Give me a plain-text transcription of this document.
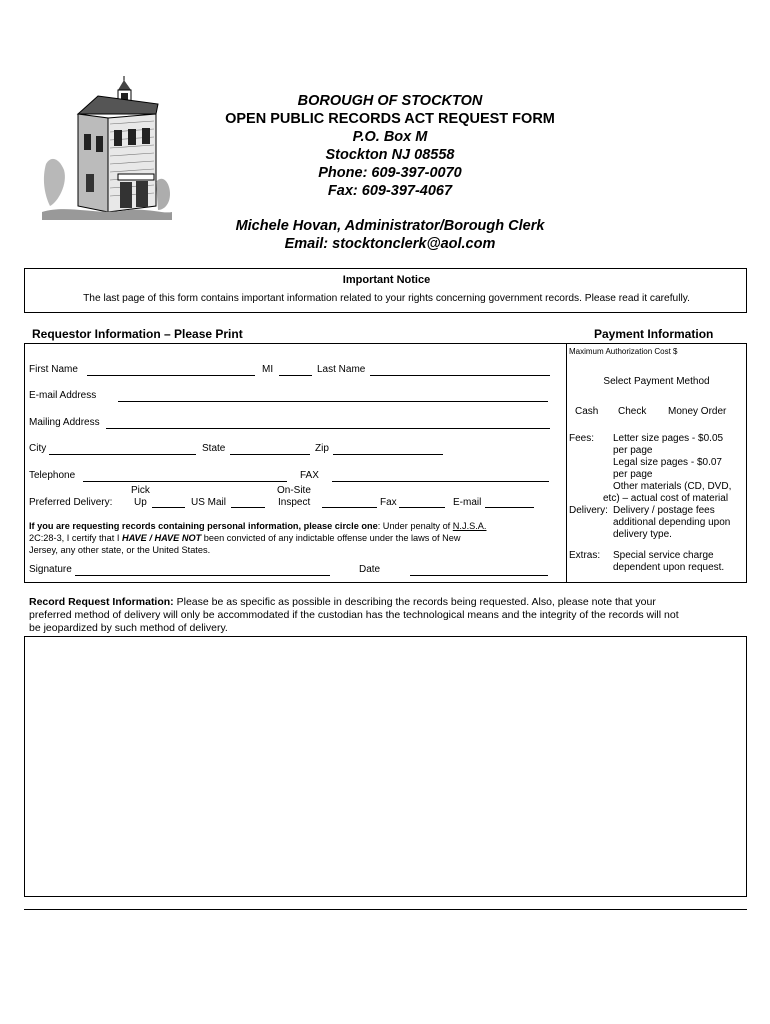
BOROUGH OF STOCKTON
OPEN PUBLIC RECORDS ACT REQUEST FORM
P.O. Box M
Stockton NJ 08558
Phone: 609-397-0070
Fax: 609-397-4067
Michele Hovan, Administrator/Borough Clerk
Email: stocktonclerk@aol.com
Important Notice
The last page of this form contains important information related to your rights concerning government records. Please read it carefully.
Requestor Information – Please Print	Payment Information
First Name	MI	Last Name
E-mail Address
Mailing Address
City	State	Zip
Telephone	FAX
Pick	On-Site
Preferred Delivery: Up	US Mail	Inspect	Fax	E-mail
If you are requesting records containing personal information, please circle one: Under penalty of N.J.S.A.
2C:28-3, I certify that I HAVE / HAVE NOT been convicted of any indictable offense under the laws of New
Jersey, any other state, or the United States.
Signature	Date
Maximum Authorization Cost $
Select Payment Method
Cash Check Money Order
Fees: Letter size pages - $0.05
per page
Legal size pages - $0.07
per page
Other materials (CD, DVD,
etc) – actual cost of material
Delivery: Delivery / postage fees
additional depending upon
delivery type.
Extras: Special service charge
dependent upon request.
Record Request Information: Please be as specific as possible in describing the records being requested. Also, please note that your
preferred method of delivery will only be accommodated if the custodian has the technological means and the integrity of the records will not
be jeopardized by such method of delivery.
